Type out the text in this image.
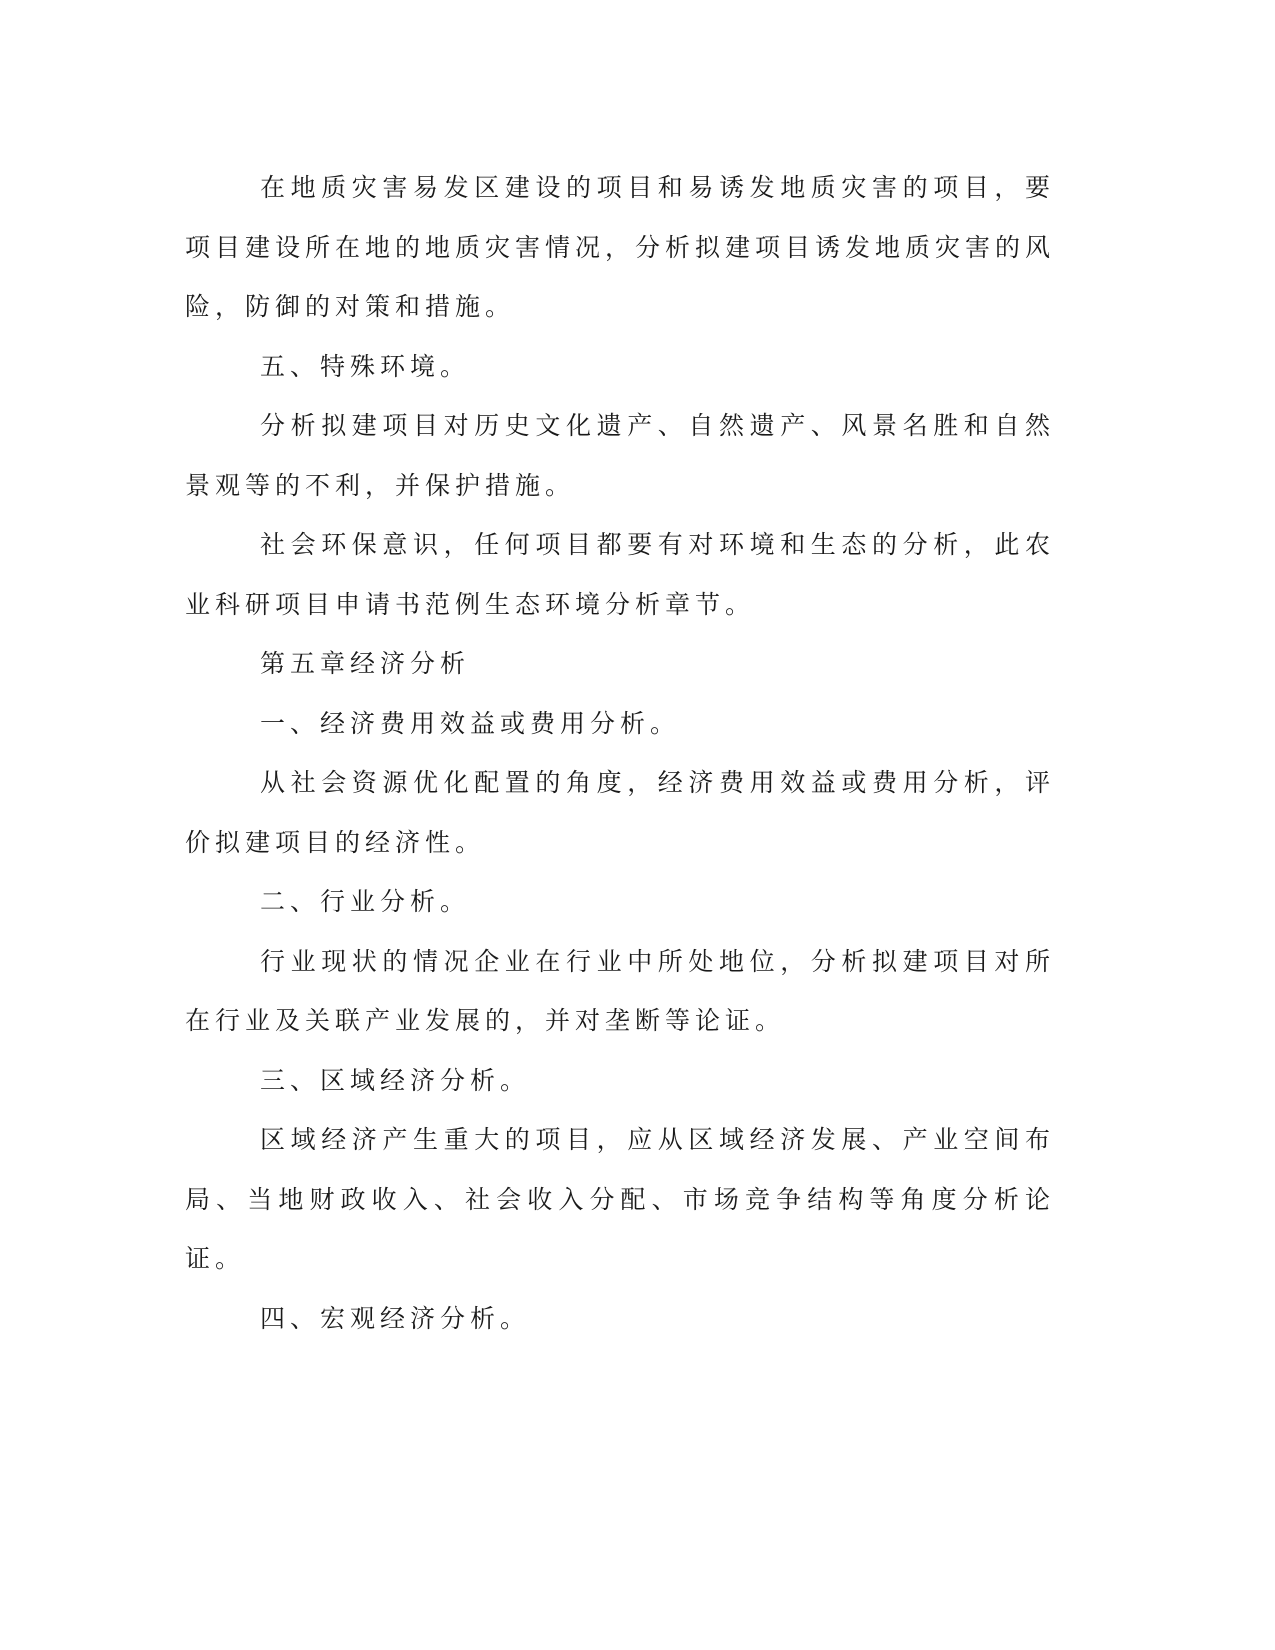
在地质灾害易发区建设的项目和易诱发地质灾害的项目，要项目建设所在地的地质灾害情况，分析拟建项目诱发地质灾害的风险，防御的对策和措施。

五、特殊环境。

分析拟建项目对历史文化遗产、自然遗产、风景名胜和自然景观等的不利，并保护措施。

社会环保意识，任何项目都要有对环境和生态的分析，此农业科研项目申请书范例生态环境分析章节。

第五章经济分析

一、经济费用效益或费用分析。

从社会资源优化配置的角度，经济费用效益或费用分析，评价拟建项目的经济性。

二、行业分析。

行业现状的情况企业在行业中所处地位，分析拟建项目对所在行业及关联产业发展的，并对垄断等论证。

三、区域经济分析。

区域经济产生重大的项目，应从区域经济发展、产业空间布局、当地财政收入、社会收入分配、市场竞争结构等角度分析论证。

四、宏观经济分析。
